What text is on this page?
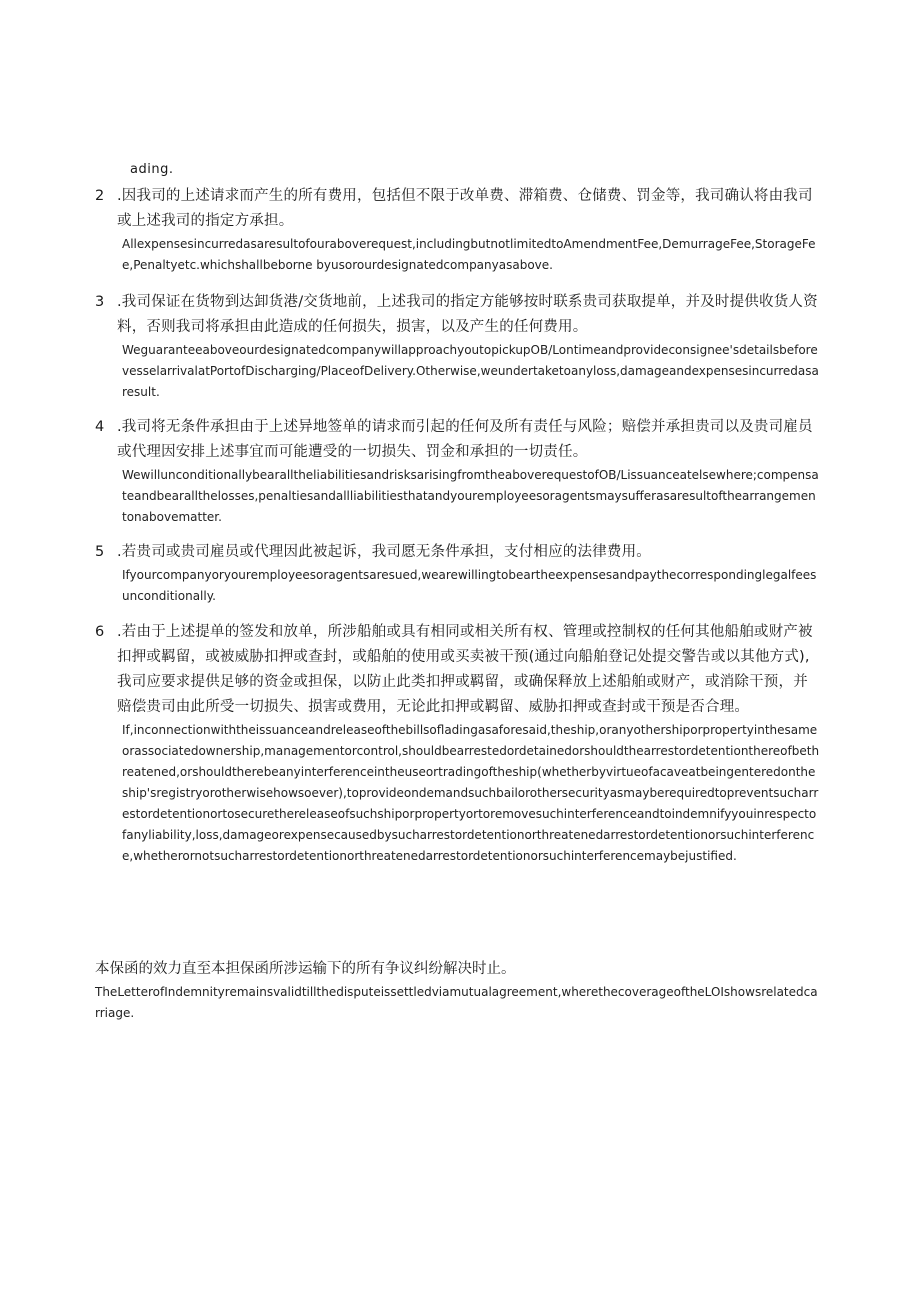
ading.
2 .因我司的上述请求而产生的所有费用，包括但不限于改单费、滞箱费、仓储费、罚金等，我司确认将由我司或上述我司的指定方承担。
Allexpensesincurredasaresultofouraboverequest,includingbutnotlimitedtoAmendmentFee,DemurrageFee,StorageFee,Penaltyetc.whichshallbeborne byusorourdesignatedcompanyasabove.
3 .我司保证在货物到达卸货港/交货地前，上述我司的指定方能够按时联系贵司获取提单，并及时提供收货人资料，否则我司将承担由此造成的任何损失，损害，以及产生的任何费用。
WeguaranteeaboveourdesignatedcompanywillapproachyoutopickupOB/Lontimeandprovideconsignee'sdetailsbeforevesselarrivalatPortofDischarging/PlaceofDelivery.Otherwise,weundertaketoanyloss,damageandexpensesincurredasaresult.
4 .我司将无条件承担由于上述异地签单的请求而引起的任何及所有责任与风险；赔偿并承担贵司以及贵司雇员或代理因安排上述事宜而可能遭受的一切损失、罚金和承担的一切责任。
WewillunconditionallybearalltheliabilitiesandrisksarisingfromtheaboverequestofOB/Lissuanceatelsewhere;compensateandbearallthelosses,penaltiesandallliabilitiesthatandyouremployeesoragentsmaysufferasaresultofthearrangementonabovematter.
5 .若贵司或贵司雇员或代理因此被起诉，我司愿无条件承担，支付相应的法律费用。
Ifyourcompanyoryouremployeesoragentsaresued,wearewillingtobeartheexpensesandpaythecorrespondinglegalfeesunconditionally.
6 .若由于上述提单的签发和放单，所涉船舶或具有相同或相关所有权、管理或控制权的任何其他船舶或财产被扣押或羁留，或被威胁扣押或查封，或船舶的使用或买卖被干预(通过向船舶登记处提交警告或以其他方式),我司应要求提供足够的资金或担保，以防止此类扣押或羁留，或确保释放上述船舶或财产，或消除干预，并赔偿贵司由此所受一切损失、损害或费用，无论此扣押或羁留、威胁扣押或查封或干预是否合理。
If,inconnectionwiththeissuanceandreleaseofthebillsofladingasaforesaid,theship,oranyothershiporpropertyinthesameorassociatedownership,managementorcontrol,shouldbearrestedordetainedorshouldthearrestordetentionthereofbethreatened,orshouldtherebeanyinterferenceintheuseortradingoftheship(whetherbyvirtueofacaveatbeingenteredontheship'sregistryorotherwisehowsoever),toprovideondemandsuchbailorothersecurityasmayberequiredtopreventsucharrestordetentionortosecurethereleaseofsuchshiporpropertyortoremovesuchinterferenceandtoindemnifyyouinrespectofanyliability,loss,damageorexpensecausedbysucharrestordetentionorthreatenedarrestordetentionorsuchinterference,whetherornotsucharrestordetentionorthreatenedarrestordetentionorsuchinterferencemaybejustified.
本保函的效力直至本担保函所涉运输下的所有争议纠纷解决时止。
TheLetterofIndemnityremainsvalidtillthedisputeissettledviamutualagreement,wherethecoverageoftheLOIshowsrelatedcarriage.
